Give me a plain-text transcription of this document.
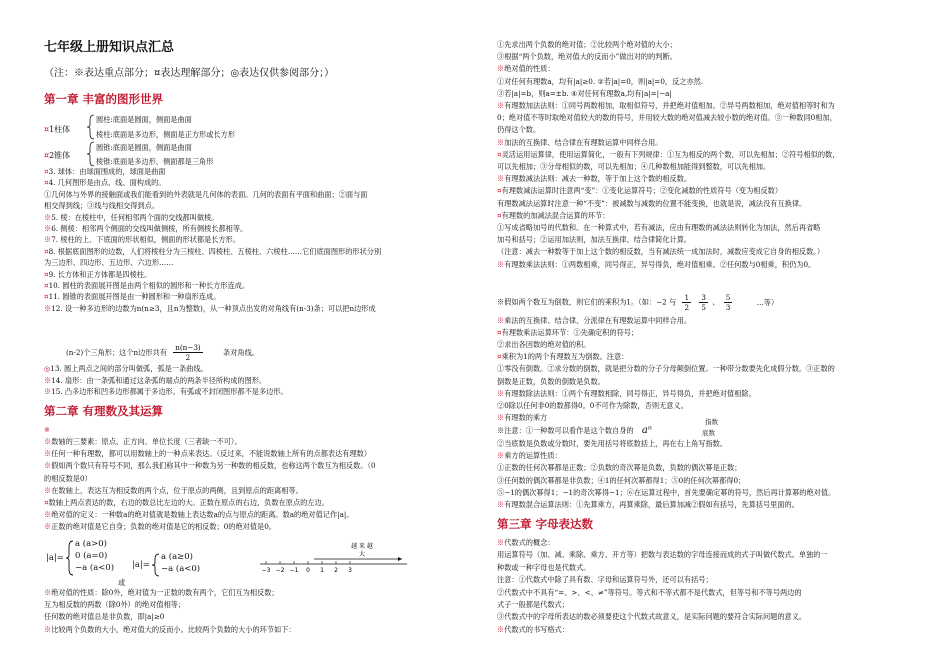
七年级上册知识点汇总
（注：※表达重点部分；¤表达理解部分；◎表达仅供参阅部分；）
第一章 丰富的图形世界
¤1柱体
圆柱:底面是圆面，侧面是曲面
棱柱:底面是多边形，侧面是正方形或长方形
¤2锥体
圆锥:底面是圆面，侧面是曲面
棱锥:底面是多边形，侧面都是三角形
¤3. 球体：由球面围成的，球面是曲面
¤4. 几何图形是由点、线、面构成的。
①几何体与外界的接触面或我们能看到的外表就是几何体的表面。几何的表面有平面和曲面；②面与面
相交得到线；③线与线相交得到点。
※5. 棱：在棱柱中，任何相邻两个面的交线都叫做棱。
※6. 侧棱：相邻两个侧面的交线叫做侧棱，所有侧棱长都相等。
※7. 棱柱的上、下底面的形状相似，侧面的形状都是长方形。
¤8. 根据底面图形的边数，人们将棱柱分为三棱柱、四棱柱、五棱柱、六棱柱……它们底面图形的形状分别
为三边形、四边形、五边形、六边形……
¤9. 长方体和正方体都是四棱柱。
¤10. 圆柱的表面展开图是由两个相似的圆形和一种长方形连成。
¤11. 圆锥的表面展开图是由一种圆形和一种扇形连成。
※12. 设一种多边形的边数为n(n≥3，且n为整数)，从一种顶点出发的对角线有(n-3)条；可以把n边形成
(n-2)个三角形；这个n边形共有 $\frac{n(n-3)}{2}$	条对角线。
◎13. 圆上两点之间的部分叫做弧，弧是一条曲线。
※14. 扇形：由一条弧和通过这条弧的端点的两条半径所构成的图形。
※15. 凸多边形和凹多边形都属于多边形。有弧或不封闭图形都不是多边形。
第二章 有理数及其运算
※
※数轴的三要素：原点、正方向、单位长度（三者缺一不可）。
※任何一种有理数，都可以用数轴上的一种点来表达。（反过来，不能说数轴上所有的点都表达有理数）
※假如两个数只有符号不同，那么我们称其中一种数为另一种数的相反数，也称这两个数互为相反数。（0
的相反数是0）
※在数轴上，表达互为相反数的两个点，位于原点的两侧，且到原点的距离相等。
¤数轴上两点表达的数，右边的数总比左边的大。正数在原点的右边，负数在原点的左边。
※绝对值的定义：一种数a的绝对值就是数轴上表达数a的点与原点的距离。数a的绝对值记作|a|。
※正数的绝对值是它自身；负数的绝对值是它的相反数；0的绝对值是0。
|a|=
a (a>0)
0 (a=0)
−a (a<0)
或
|a|=
a (a≥0)
−a (a<0)
越 来 越
大
−3 −2 −1 0 1 2 3
※绝对值的性质：除0外，绝对值为一正数的数有两个，它们互为相反数；
互为相反数的两数（除0外）的绝对值相等；
任何数的绝对值总是非负数，即|a|≥0
※比较两个负数的大小，绝对值大的反而小。比较两个负数的大小的环节如下：
①先求出两个负数的绝对值；②比较两个绝对值的大小；
③根据“两个负数，绝对值大的反而小”做出对的的判断。
※绝对值的性质：
①对任何有理数a，均有|a|≥0. ②若|a|=0，则|a|=0，反之亦然.
③若|a|=b，则a=±b. ④对任何有理数a,均有|a|=|−a|
※有理数加法法则：①同号两数相加，取相似符号，并把绝对值相加。②异号两数相加，绝对值相等时和为
0；绝对值不等时取绝对值较大的数的符号，并用较大数的绝对值减去较小数的绝对值。③一种数同0相加，
仍得这个数。
※加法的互换律、结合律在有理数运算中同样合用。
¤灵活运用运算律，使用运算简化，一般有下列规律：①互为相反的两个数，可以先相加；②符号相似的数，
可以先相加；③分母相似的数，可以先相加；④几种数相加能得到整数，可以先相加。
※有理数减法法则：减去一种数，等于加上这个数的相反数。
¤有理数减法运算时注意两“变”：①变化运算符号；②变化减数的性质符号（变为相反数）
有理数减法运算时注意一种“不变”：被减数与减数的位置不能变换，也就是说，减法没有互换律。
¤有理数的加减法混合运算的环节：
①写成省略加号的代数和。在一种算式中，若有减法，应由有理数的减法法则转化为加法，然后再省略
加号和括号；②运用加法则，加法互换律、结合律简化计算。
（注意：减去一种数等于加上这个数的相反数，当有减法统一成加法时，减数应变成它自身的相反数。）
※有理数乘法法则：①两数相乘，同号得正，异号得负，绝对值相乘。②任何数与0相乘，积仍为0。
※假如两个数互为倒数，则它们的乘积为1。（如：−2 与 $\frac{1}{2}$
$\frac{3}{5}$ 、 $\frac{5}{3}$	…等）
※乘法的互换律、结合律、分派律在有理数运算中同样合用。
¤有理数乘法运算环节：①先确定积的符号；
②求出各因数的绝对值的积。
¤乘积为1的两个有理数互为倒数。注意：
①零没有倒数。②求分数的倒数，就是把分数的分子分母颠倒位置。一种带分数要先化成假分数。③正数的
倒数是正数，负数的倒数是负数。
※有理数除法法则：①两个有理数相除，同号得正，异号得负，并把绝对值相除。
②0除以任何非0的数都得0。0不可作为除数，否则无意义。
※有理数的乘方
※注意：①一种数可以看作是这个数自身的 aⁿ
指数
底数
②当底数是负数或分数时，要先用括号将底数括上，再在右上角写指数。
※乘方的运算性质：
①正数的任何次幂都是正数；②负数的奇次幂是负数，负数的偶次幂是正数；
③任何数的偶次幂都是非负数；④1的任何次幂都得1；⑤0的任何次幂都得0；
⑤−1的偶次幂得1；−1的奇次幂得−1；⑥在运算过程中，首先要确定幂的符号，然后再计算幂的绝对值。
※有理数混合运算法则：①先算乘方，再算乘除，最后算加减②假如有括号，先算括号里面的。
第三章 字母表达数
※代数式的概念：
用运算符号（加、减、乘除、乘方、开方等）把数与表达数的字母连接而成的式子叫做代数式。单独的一
种数或一种字母也是代数式。
注意：①代数式中除了具有数、字母和运算符号外，还可以有括号；
②代数式中不具有“=、>、<、≠”等符号。等式和不等式都不是代数式，但等号和不等号两边的
式子一般都是代数式；
③代数式中的字母所表达的数必须要使这个代数式故意义，是实际问题的要符合实际问题的意义。
※代数式的书写格式：
